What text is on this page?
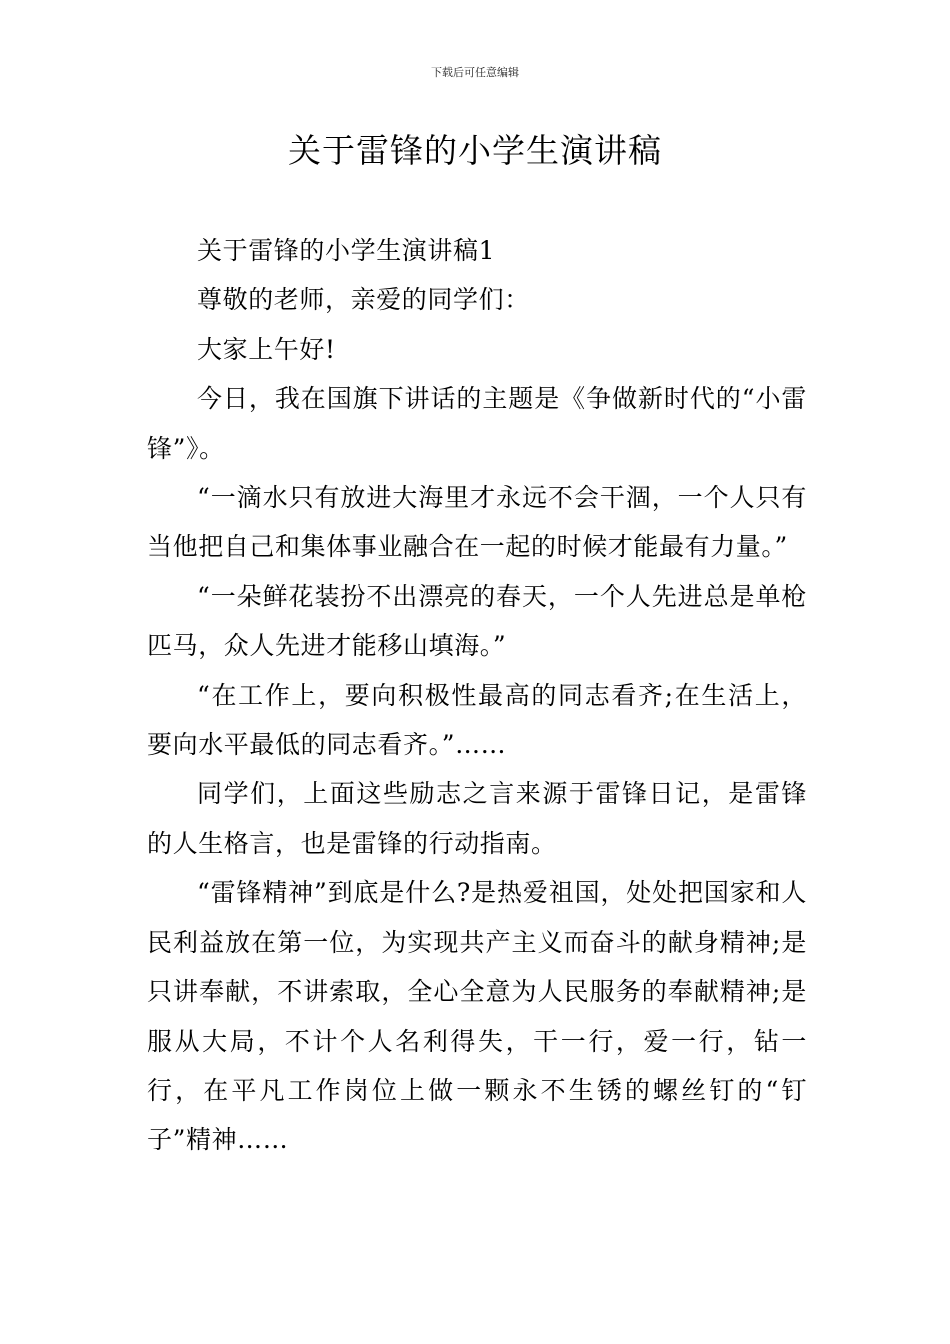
下载后可任意编辑
关于雷锋的小学生演讲稿

关于雷锋的小学生演讲稿1

尊敬的老师，亲爱的同学们：

大家上午好!

今日，我在国旗下讲话的主题是《争做新时代的“小雷锋”》。

“一滴水只有放进大海里才永远不会干涸，一个人只有当他把自己和集体事业融合在一起的时候才能最有力量。”

“一朵鲜花装扮不出漂亮的春天，一个人先进总是单枪匹马，众人先进才能移山填海。”

“在工作上，要向积极性最高的同志看齐;在生活上，要向水平最低的同志看齐。”……

同学们，上面这些励志之言来源于雷锋日记，是雷锋的人生格言，也是雷锋的行动指南。

“雷锋精神”到底是什么?是热爱祖国，处处把国家和人民利益放在第一位，为实现共产主义而奋斗的献身精神;是只讲奉献，不讲索取，全心全意为人民服务的奉献精神;是服从大局，不计个人名利得失，干一行，爱一行，钻一行，在平凡工作岗位上做一颗永不生锈的螺丝钉的“钉子”精神……
